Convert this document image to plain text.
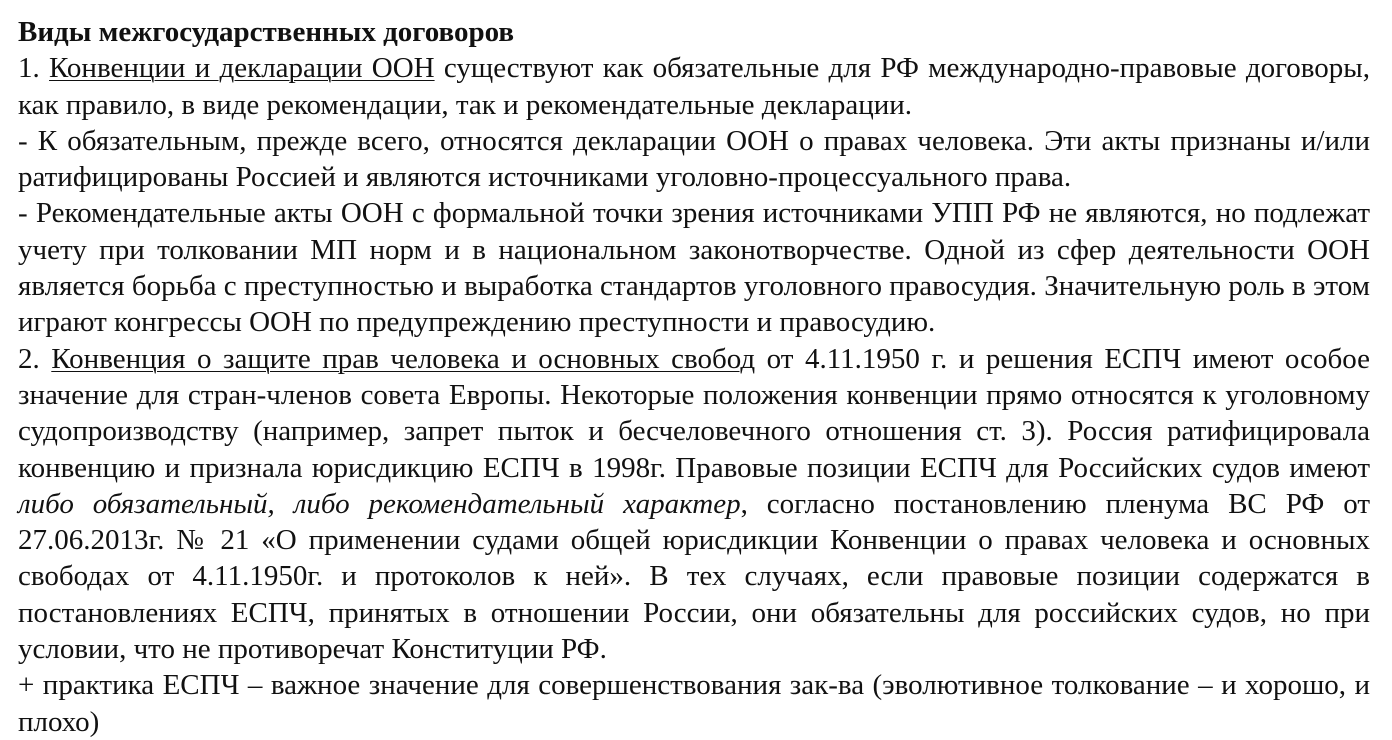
Виды межгосударственных договоров
1. Конвенции и декларации ООН существуют как обязательные для РФ международно-правовые договоры, как правило, в виде рекомендации, так и рекомендательные декларации.
- К обязательным, прежде всего, относятся декларации ООН о правах человека. Эти акты признаны и/или ратифицированы Россией и являются источниками уголовно-процессуального права.
- Рекомендательные акты ООН с формальной точки зрения источниками УПП РФ не являются, но подлежат учету при толковании МП норм и в национальном законотворчестве. Одной из сфер деятельности ООН является борьба с преступностью и выработка стандартов уголовного правосудия. Значительную роль в этом играют конгрессы ООН по предупреждению преступности и правосудию.
2. Конвенция о защите прав человека и основных свобод от 4.11.1950 г. и решения ЕСПЧ имеют особое значение для стран-членов совета Европы. Некоторые положения конвенции прямо относятся к уголовному судопроизводству (например, запрет пыток и бесчеловечного отношения ст. 3). Россия ратифицировала конвенцию и признала юрисдикцию ЕСПЧ в 1998г. Правовые позиции ЕСПЧ для Российских судов имеют либо обязательный, либо рекомендательный характер, согласно постановлению пленума ВС РФ от 27.06.2013г. № 21 «О применении судами общей юрисдикции Конвенции о правах человека и основных свободах от 4.11.1950г. и протоколов к ней». В тех случаях, если правовые позиции содержатся в постановлениях ЕСПЧ, принятых в отношении России, они обязательны для российских судов, но при условии, что не противоречат Конституции РФ.
+ практика ЕСПЧ – важное значение для совершенствования зак-ва (эволютивное толкование – и хорошо, и плохо)
